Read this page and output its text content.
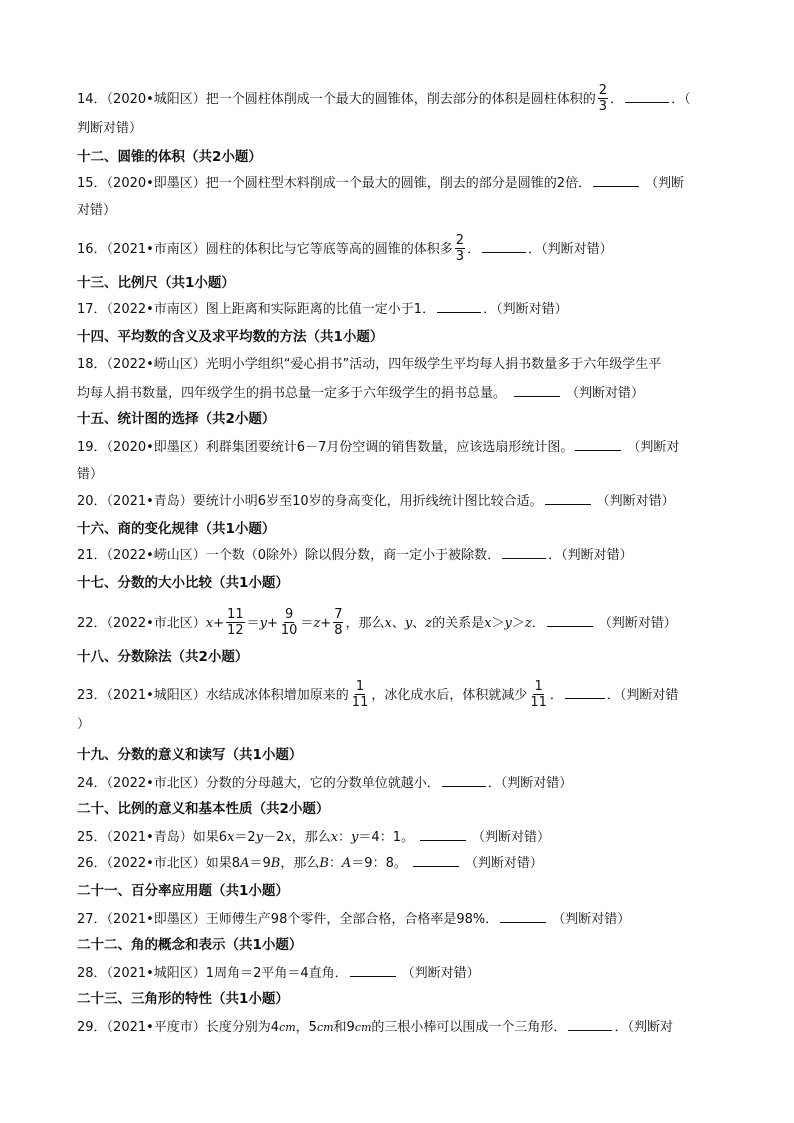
14．（2020•城阳区）把一个圆柱体削成一个最大的圆锥体，削去部分的体积是圆柱体积的 $\frac{2}{3}$ ．	．（
判断对错）
十二、圆锥的体积（共2小题）
15．（2020•即墨区）把一个圆柱型木料削成一个最大的圆锥，削去的部分是圆锥的2倍．	（判断
对错）
16．（2021•市南区）圆柱的体积比与它等底等高的圆锥的体积多 $\frac{2}{3}$ ．	．（判断对错）
十三、比例尺（共1小题）
17．（2022•市南区）图上距离和实际距离的比值一定小于1．	．（判断对错）
十四、平均数的含义及求平均数的方法（共1小题）
18．（2022•崂山区）光明小学组织“爱心捐书”活动，四年级学生平均每人捐书数量多于六年级学生平
均每人捐书数量，四年级学生的捐书总量一定多于六年级学生的捐书总量。	（判断对错）
十五、统计图的选择（共2小题）
19．（2020•即墨区）利群集团要统计6－7月份空调的销售数量，应该选扇形统计图。	（判断对
错）
20．（2021•青岛）要统计小明6岁至10岁的身高变化，用折线统计图比较合适。	（判断对错）
十六、商的变化规律（共1小题）
21．（2022•崂山区）一个数（0除外）除以假分数，商一定小于被除数．	．（判断对错）
十七、分数的大小比较（共1小题）
22．（2022•市北区）$x+ \frac{11}{12} =y+ \frac{9}{10} =z+ \frac{7}{8}$ ，那么x、y、z的关系是x＞y＞z．	（判断对错）
十八、分数除法（共2小题）
23．（2021•城阳区）水结成冰体积增加原来的 $\frac{1}{11}$ ，冰化成水后，体积就减少 $\frac{1}{11}$ ．	．（判断对错
）
十九、分数的意义和读写（共1小题）
24．（2022•市北区）分数的分母越大，它的分数单位就越小．	．（判断对错）
二十、比例的意义和基本性质（共2小题）
25．（2021•青岛）如果6x＝2y－2x，那么x：y＝4：1。	（判断对错）
26．（2022•市北区）如果8A＝9B，那么B：A＝9：8。	（判断对错）
二十一、百分率应用题（共1小题）
27．（2021•即墨区）王师傅生产98个零件，全部合格，合格率是98%．	（判断对错）
二十二、角的概念和表示（共1小题）
28．（2021•城阳区）1周角＝2平角＝4直角．	（判断对错）
二十三、三角形的特性（共1小题）
29．（2021•平度市）长度分别为4cm，5cm和9cm的三根小棒可以围成一个三角形．	．（判断对
